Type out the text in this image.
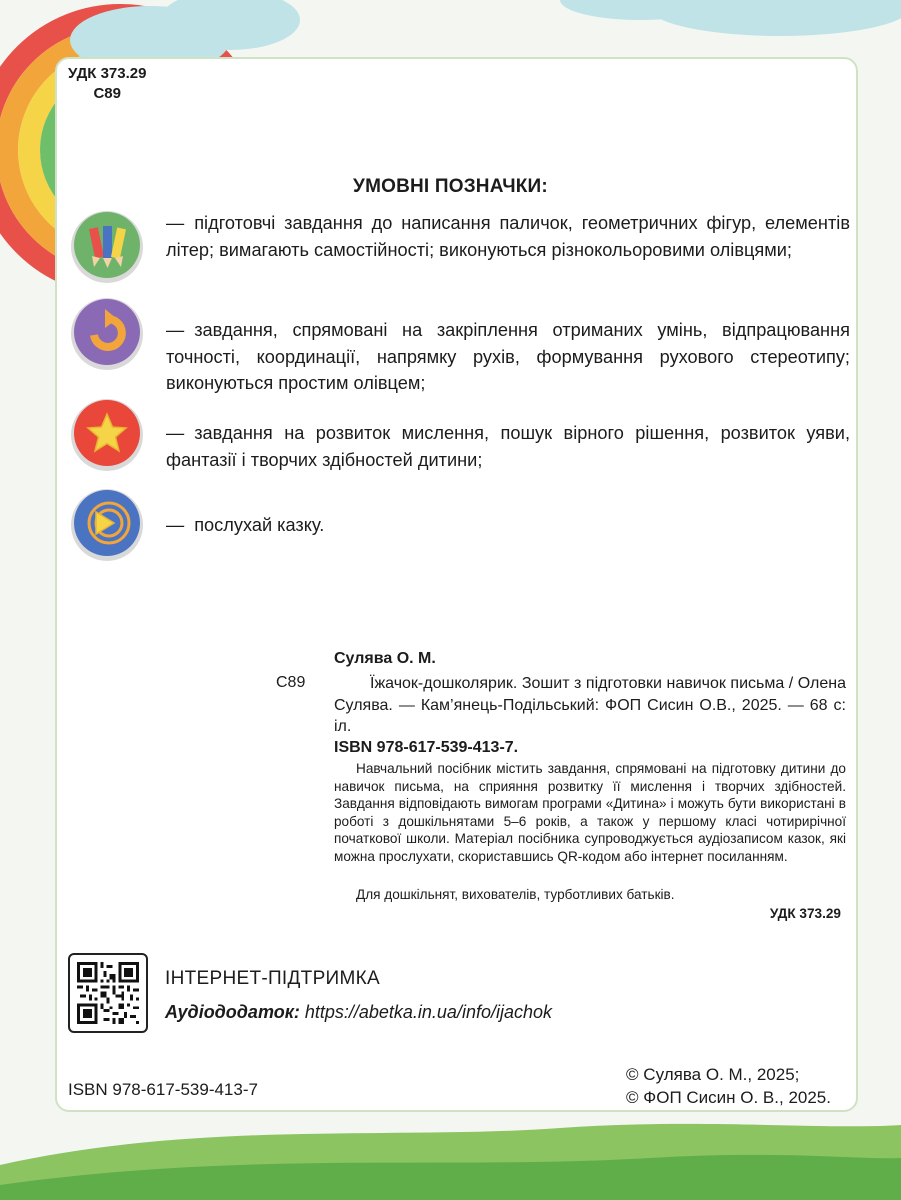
УДК 373.29
С89
УМОВНІ ПОЗНАЧКИ:
— підготовчі завдання до написання паличок, геометричних фігур, елементів літер; вимагають самостійності; виконуються різнокольоровими олівцями;
— завдання, спрямовані на закріплення отриманих умінь, відпрацювання точності, координації, напрямку рухів, формування рухового стереотипу; виконуються простим олівцем;
— завдання на розвиток мислення, пошук вірного рішення, розвиток уяви, фантазії і творчих здібностей дитини;
— послухай казку.
Сулява О. М.
С89	Їжачок-дошколярик. Зошит з підготовки навичок письма / Олена Сулява. — Кам’янець-Подільський: ФОП Сисин О.В., 2025. — 68 с: іл.
ISBN 978-617-539-413-7.
Навчальний посібник містить завдання, спрямовані на підготовку дитини до навичок письма, на сприяння розвитку її мислення і творчих здібностей. Завдання відповідають вимогам програми «Дитина» і можуть бути використані в роботі з дошкільнятами 5–6 років, а також у першому класі чотирирічної початкової школи. Матеріал посібника супроводжується аудіозаписом казок, які можна прослухати, скориставшись QR-кодом або інтернет посиланням.
Для дошкільнят, вихователів, турботливих батьків.
УДК 373.29
ІНТЕРНЕТ-ПІДТРИМКА
Аудіододаток: https://abetka.in.ua/info/ijachok
ISBN 978-617-539-413-7
© Сулява О. М., 2025;
© ФОП Сисин О. В., 2025.
